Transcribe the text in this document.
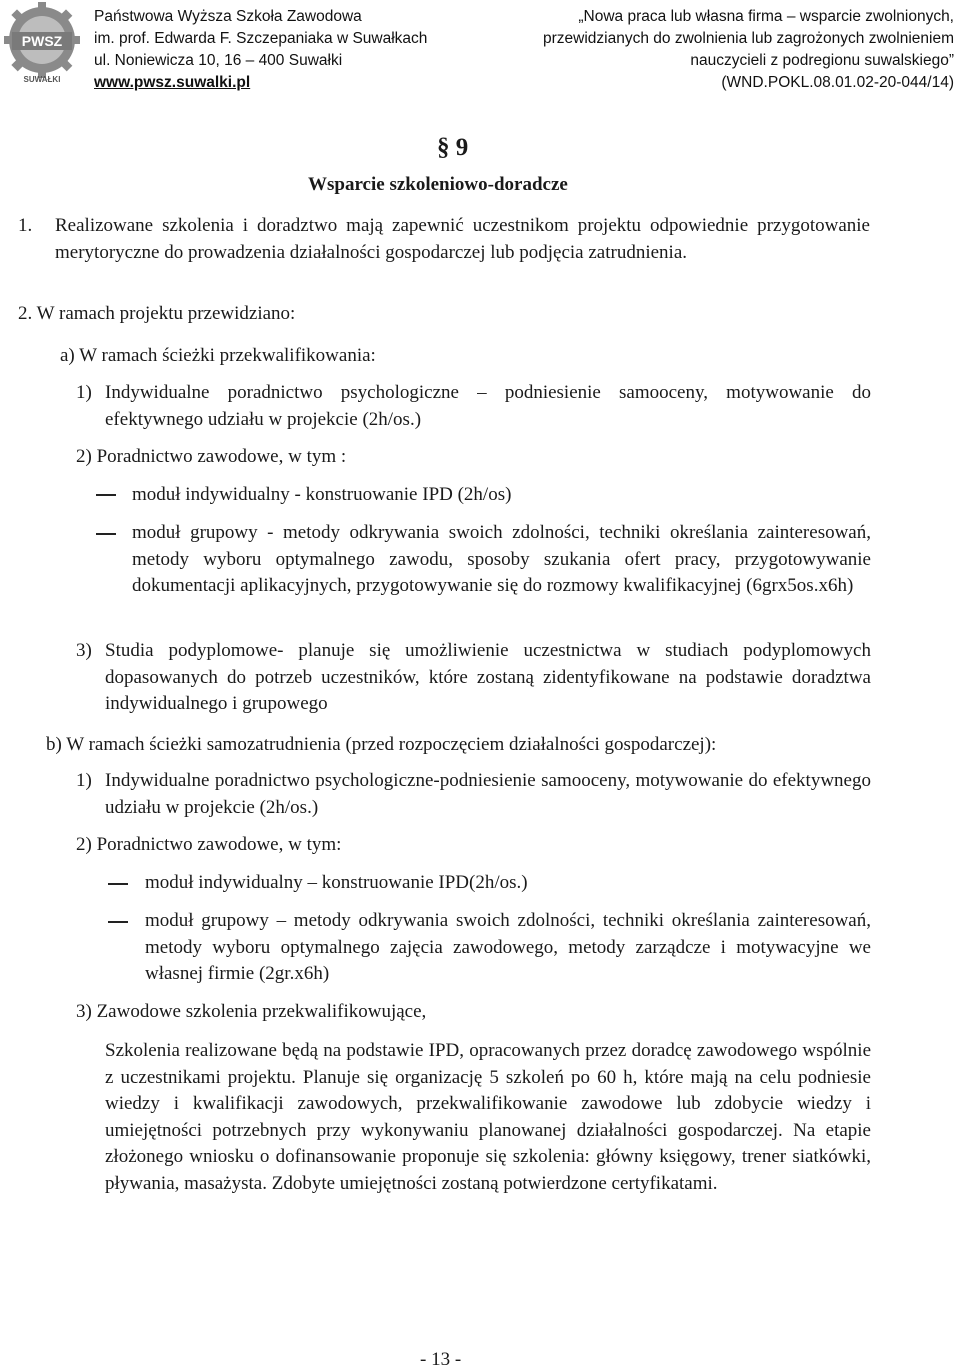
PWSZ
SUWAŁKI
Państwowa Wyższa Szkoła Zawodowa
im. prof. Edwarda F. Szczepaniaka w Suwałkach
ul. Noniewicza 10, 16 – 400 Suwałki
www.pwsz.suwalki.pl
„Nowa praca lub własna firma – wsparcie zwolnionych,
przewidzianych do zwolnienia lub zagrożonych zwolnieniem
nauczycieli z podregionu suwalskiego”
(WND.POKL.08.01.02-20-044/14)
§ 9
Wsparcie szkoleniowo-doradcze
1. Realizowane szkolenia i doradztwo mają zapewnić uczestnikom projektu odpowiednie przygotowanie merytoryczne do prowadzenia działalności gospodarczej lub podjęcia zatrudnienia.
2. W ramach projektu przewidziano:
a) W ramach ścieżki przekwalifikowania:
1) Indywidualne poradnictwo psychologiczne – podniesienie samooceny, motywowanie do efektywnego udziału w projekcie (2h/os.)
2) Poradnictwo zawodowe, w tym :
moduł indywidualny - konstruowanie IPD (2h/os)
moduł grupowy - metody odkrywania swoich zdolności, techniki określania zainteresowań, metody wyboru optymalnego zawodu, sposoby szukania ofert pracy, przygotowywanie dokumentacji aplikacyjnych, przygotowywanie się do rozmowy kwalifikacyjnej (6grx5os.x6h)
3) Studia podyplomowe- planuje się umożliwienie uczestnictwa w studiach podyplomowych dopasowanych do potrzeb uczestników, które zostaną zidentyfikowane na podstawie doradztwa indywidualnego i grupowego
b) W ramach ścieżki samozatrudnienia (przed rozpoczęciem działalności gospodarczej):
1) Indywidualne poradnictwo psychologiczne-podniesienie samooceny, motywowanie do efektywnego udziału w projekcie (2h/os.)
2) Poradnictwo zawodowe, w tym:
moduł indywidualny – konstruowanie IPD(2h/os.)
moduł grupowy – metody odkrywania swoich zdolności, techniki określania zainteresowań, metody wyboru optymalnego zajęcia zawodowego, metody zarządcze i motywacyjne we własnej firmie (2gr.x6h)
3) Zawodowe szkolenia przekwalifikowujące,
Szkolenia realizowane będą na podstawie IPD, opracowanych przez doradcę zawodowego wspólnie z uczestnikami projektu. Planuje się organizację 5 szkoleń po 60 h, które mają na celu podniesie wiedzy i kwalifikacji zawodowych, przekwalifikowanie zawodowe lub zdobycie wiedzy i umiejętności potrzebnych przy wykonywaniu planowanej działalności gospodarczej. Na etapie złożonego wniosku o dofinansowanie proponuje się szkolenia: główny księgowy, trener siatkówki, pływania, masażysta. Zdobyte umiejętności zostaną potwierdzone certyfikatami.
- 13 -
